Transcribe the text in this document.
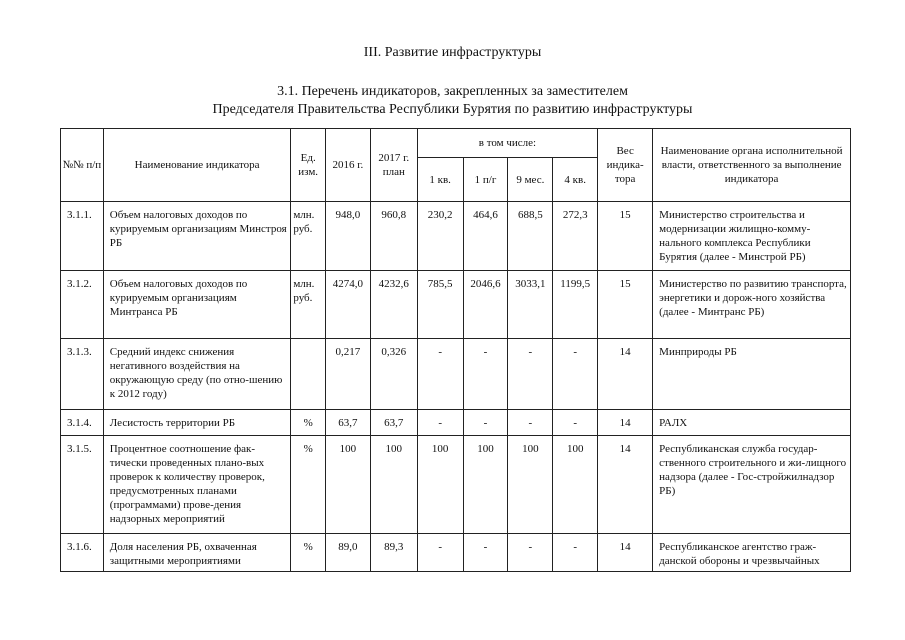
III. Развитие инфраструктуры
3.1. Перечень индикаторов, закрепленных за заместителем
Председателя Правительства Республики Бурятия по развитию инфраструктуры
№№ п/п	Наименование индикатора	Ед. изм.	2016 г.	2017 г. план	в том числе:				Вес индика-тора	Наименование органа исполнительной власти, ответственного за выполнение индикатора
					1 кв.	1 п/г	9 мес.	4 кв.		

3.1.1.	Объем налоговых доходов по курируемым организациям Минстроя РБ	млн. руб.	948,0	960,8	230,2	464,6	688,5	272,3	15	Министерство строительства и модернизации жилищно-комму-нального комплекса Республики Бурятия (далее - Минстрой РБ)

3.1.2.	Объем налоговых доходов по курируемым организациям Минтранса РБ	млн. руб.	4274,0	4232,6	785,5	2046,6	3033,1	1199,5	15	Министерство по развитию транспорта, энергетики и дорож-ного хозяйства (далее - Минтранс РБ)

3.1.3.	Средний индекс снижения негативного воздействия на окружающую среду (по отно-шению к 2012 году)		0,217	0,326	-	-	-	-	14	Минприроды РБ

3.1.4.	Лесистость территории РБ	%	63,7	63,7	-	-	-	-	14	РАЛХ

3.1.5.	Процентное соотношение фак-тически проведенных плано-вых проверок к количеству проверок, предусмотренных планами (программами) прове-дения надзорных мероприятий	%	100	100	100	100	100	100	14	Республиканская служба государ-ственного строительного и жи-лищного надзора (далее - Гос-стройжилнадзор РБ)

3.1.6.	Доля населения РБ, охваченная защитными мероприятиями	%	89,0	89,3	-	-	-	-	14	Республиканское агентство граж-данской обороны и чрезвычайных
